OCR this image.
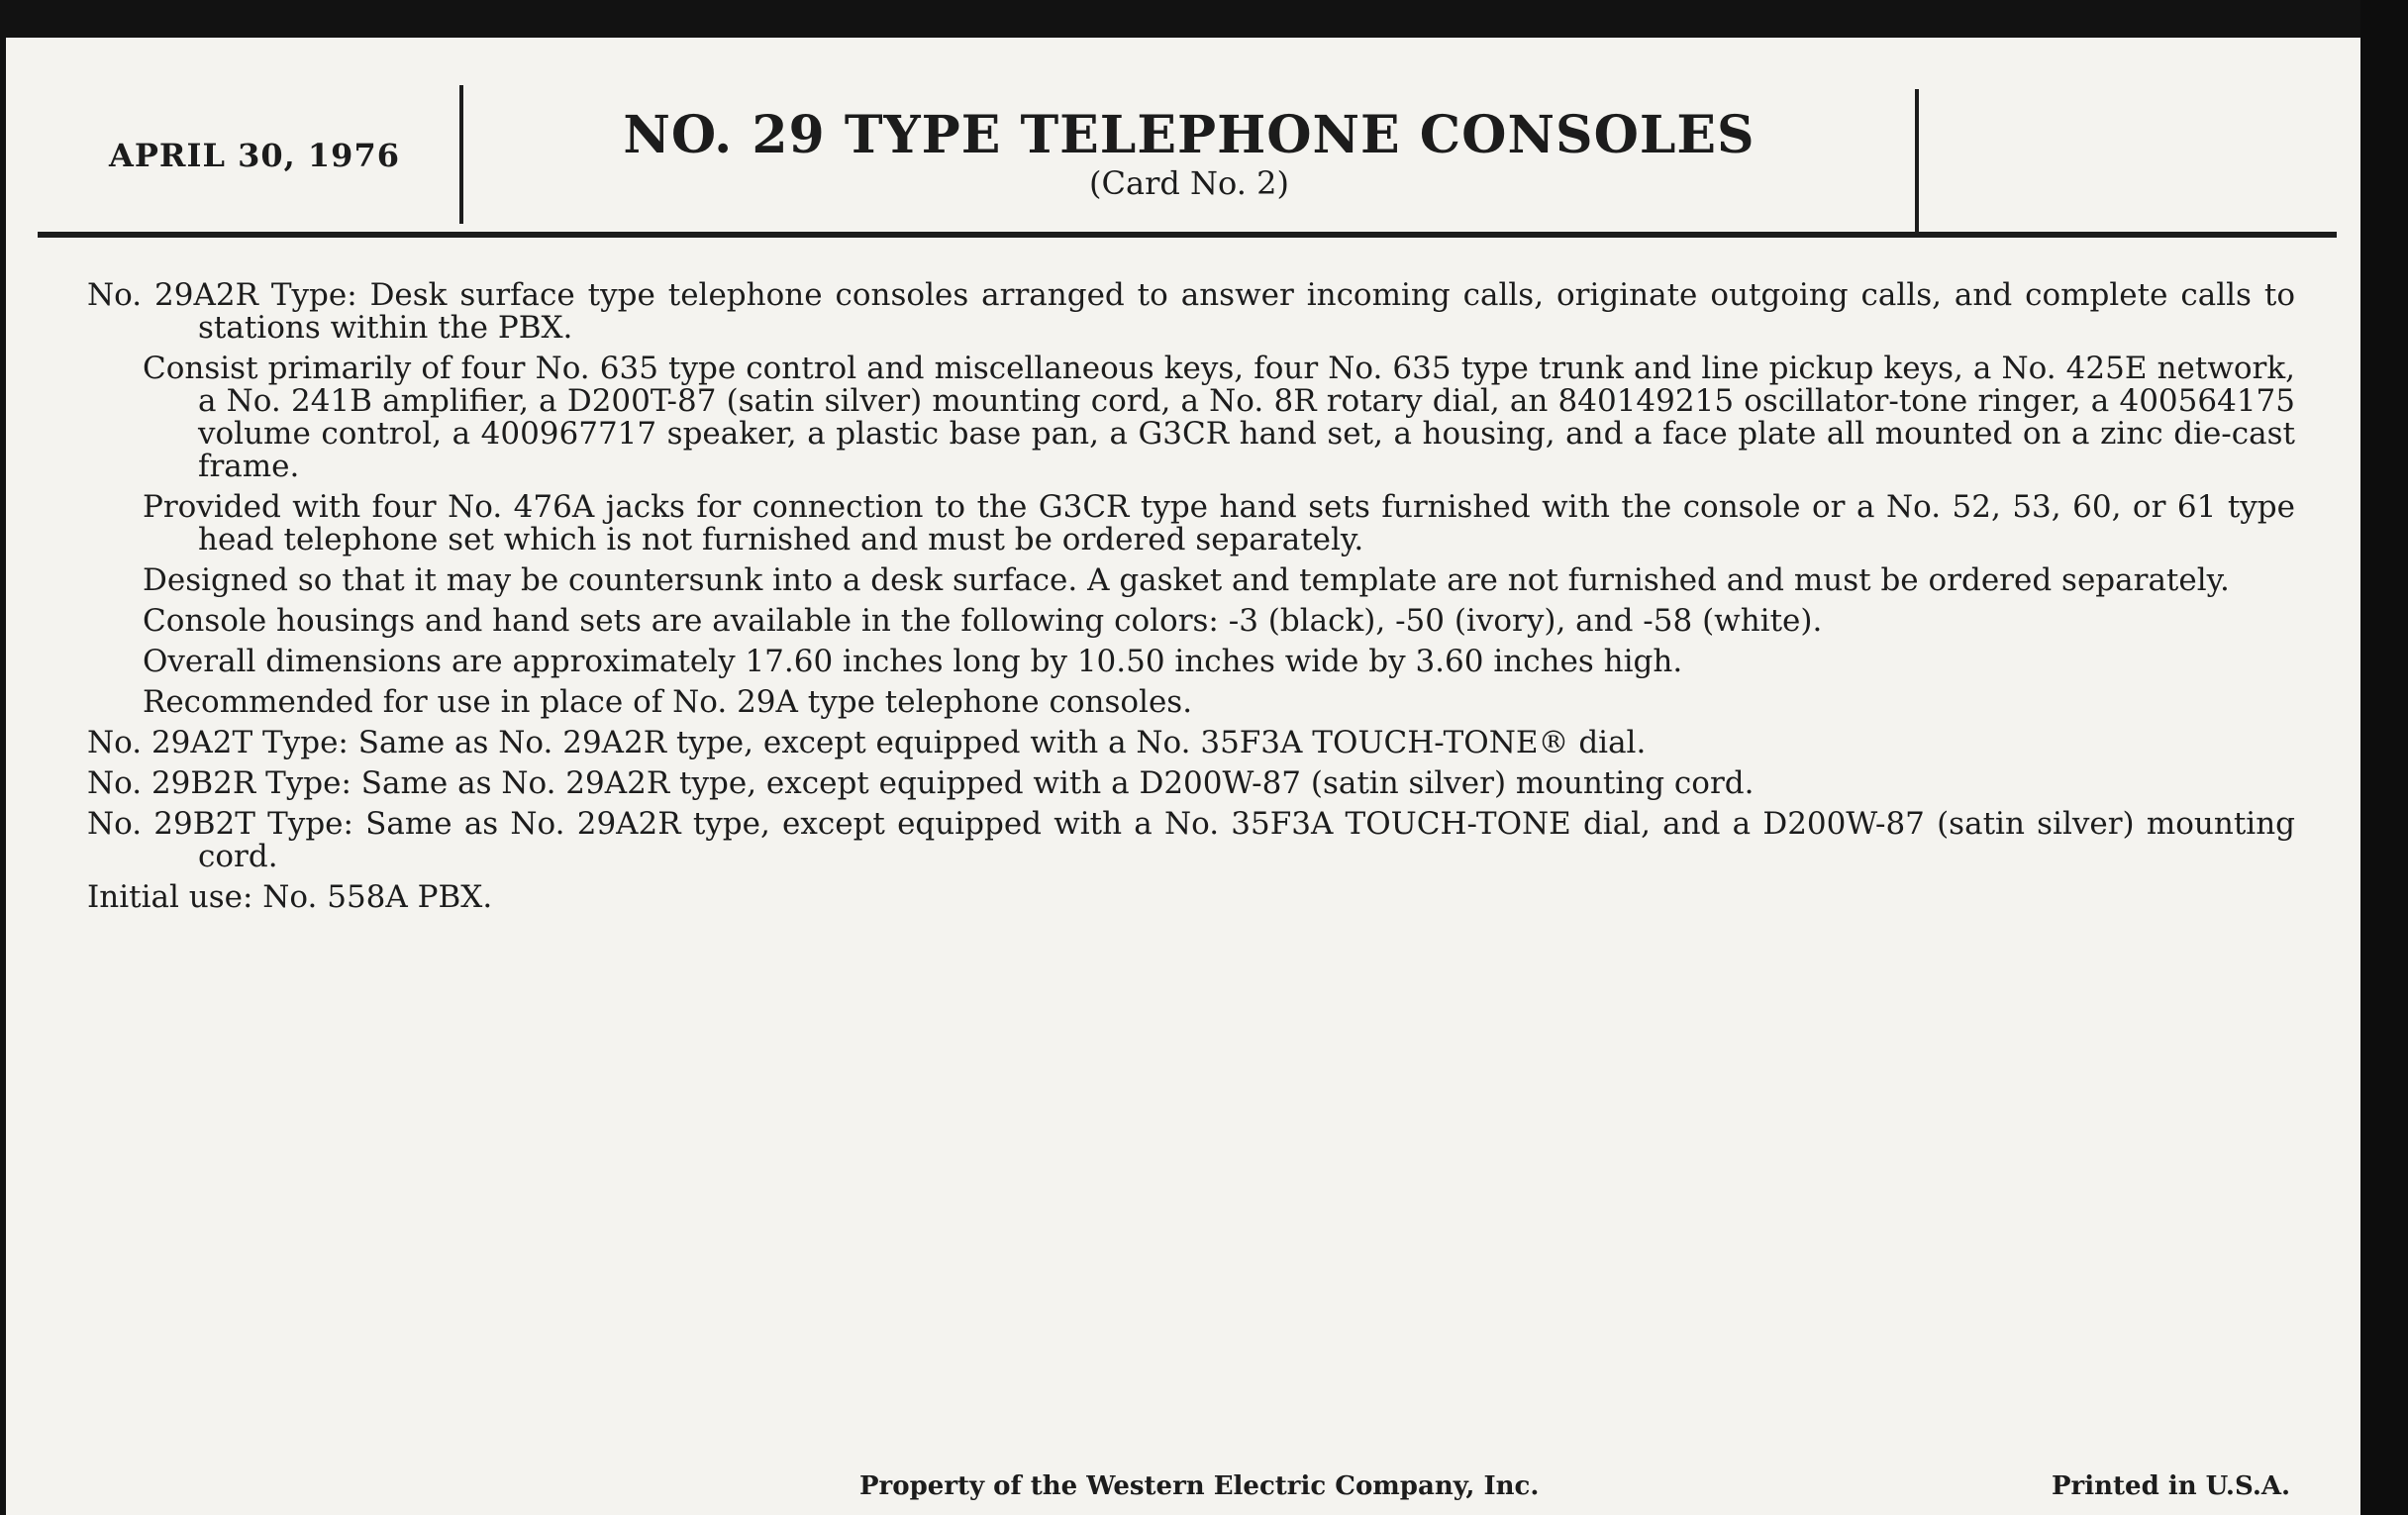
APRIL 30, 1976	NO. 29 TYPE TELEPHONE CONSOLES
(Card No. 2)

No. 29A2R Type: Desk surface type telephone consoles arranged to answer incoming calls, originate outgoing calls, and complete calls to stations within the PBX.

Consist primarily of four No. 635 type control and miscellaneous keys, four No. 635 type trunk and line pickup keys, a No. 425E network, a No. 241B amplifier, a D200T-87 (satin silver) mounting cord, a No. 8R rotary dial, an 840149215 oscillator-tone ringer, a 400564175 volume control, a 400967717 speaker, a plastic base pan, a G3CR hand set, a housing, and a face plate all mounted on a zinc die-cast frame.

Provided with four No. 476A jacks for connection to the G3CR type hand sets furnished with the console or a No. 52, 53, 60, or 61 type head telephone set which is not furnished and must be ordered separately.

Designed so that it may be countersunk into a desk surface. A gasket and template are not furnished and must be ordered separately.

Console housings and hand sets are available in the following colors: -3 (black), -50 (ivory), and -58 (white).

Overall dimensions are approximately 17.60 inches long by 10.50 inches wide by 3.60 inches high.

Recommended for use in place of No. 29A type telephone consoles.

No. 29A2T Type: Same as No. 29A2R type, except equipped with a No. 35F3A TOUCH-TONE® dial.

No. 29B2R Type: Same as No. 29A2R type, except equipped with a D200W-87 (satin silver) mounting cord.

No. 29B2T Type: Same as No. 29A2R type, except equipped with a No. 35F3A TOUCH-TONE dial, and a D200W-87 (satin silver) mounting cord.

Initial use: No. 558A PBX.

Property of the Western Electric Company, Inc.	Printed in U.S.A.
